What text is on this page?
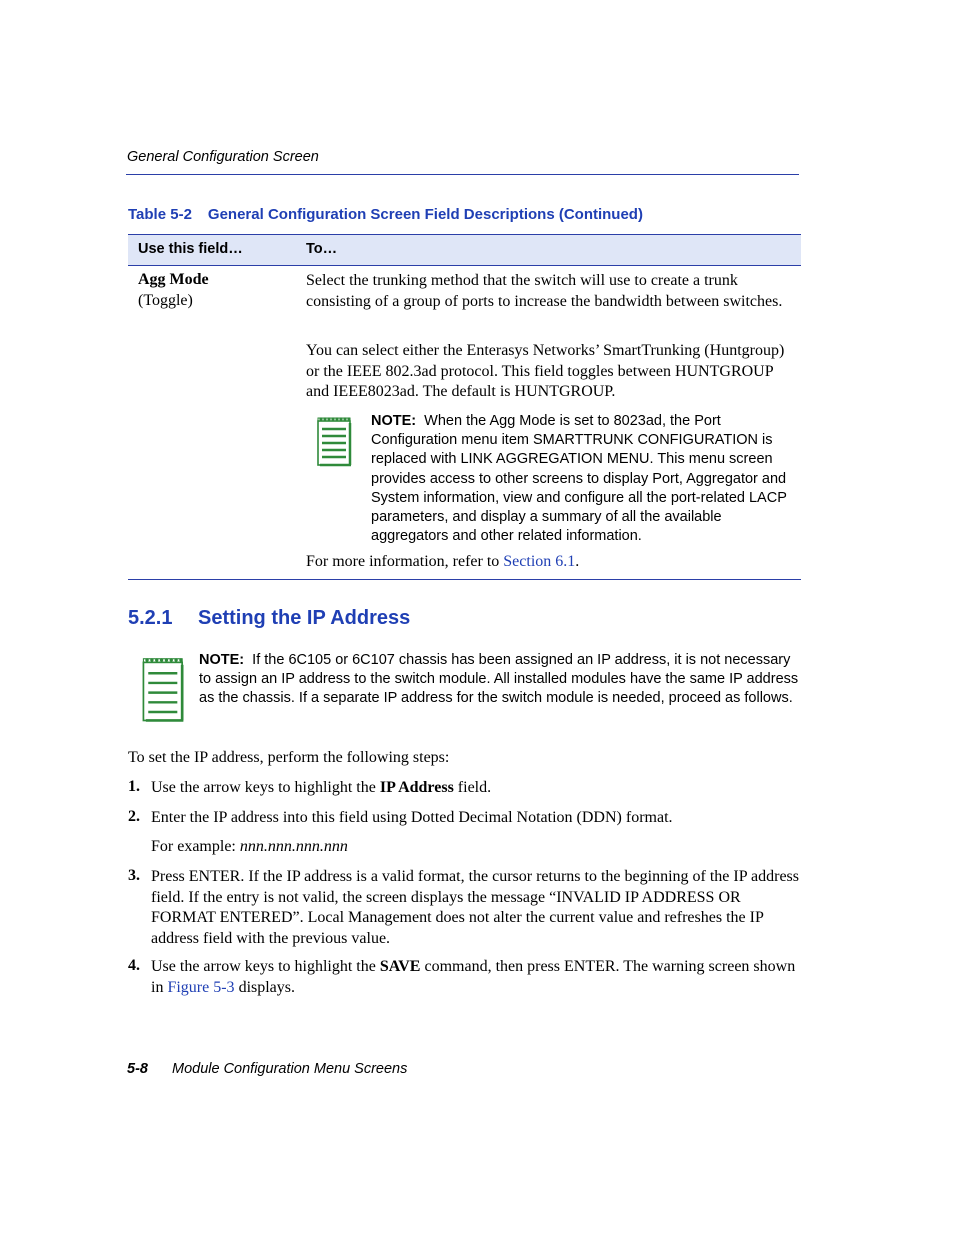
General Configuration Screen
Table 5-2 General Configuration Screen Field Descriptions (Continued)
Use this field…	To…
Agg Mode
(Toggle)
Select the trunking method that the switch will use to create a trunk consisting of a group of ports to increase the bandwidth between switches.
You can select either the Enterasys Networks’ SmartTrunking (Huntgroup) or the IEEE 802.3ad protocol. This field toggles between HUNTGROUP and IEEE8023ad. The default is HUNTGROUP.
NOTE: When the Agg Mode is set to 8023ad, the Port Configuration menu item SMARTTRUNK CONFIGURATION is replaced with LINK AGGREGATION MENU. This menu screen provides access to other screens to display Port, Aggregator and System information, view and configure all the port-related LACP parameters, and display a summary of all the available aggregators and other related information.
For more information, refer to Section 6.1.
5.2.1 Setting the IP Address
NOTE: If the 6C105 or 6C107 chassis has been assigned an IP address, it is not necessary to assign an IP address to the switch module. All installed modules have the same IP address as the chassis. If a separate IP address for the switch module is needed, proceed as follows.
To set the IP address, perform the following steps:
1. Use the arrow keys to highlight the IP Address field.
2. Enter the IP address into this field using Dotted Decimal Notation (DDN) format.
For example: nnn.nnn.nnn.nnn
3. Press ENTER. If the IP address is a valid format, the cursor returns to the beginning of the IP address field. If the entry is not valid, the screen displays the message “INVALID IP ADDRESS OR FORMAT ENTERED”. Local Management does not alter the current value and refreshes the IP address field with the previous value.
4. Use the arrow keys to highlight the SAVE command, then press ENTER. The warning screen shown in Figure 5-3 displays.
5-8 Module Configuration Menu Screens
